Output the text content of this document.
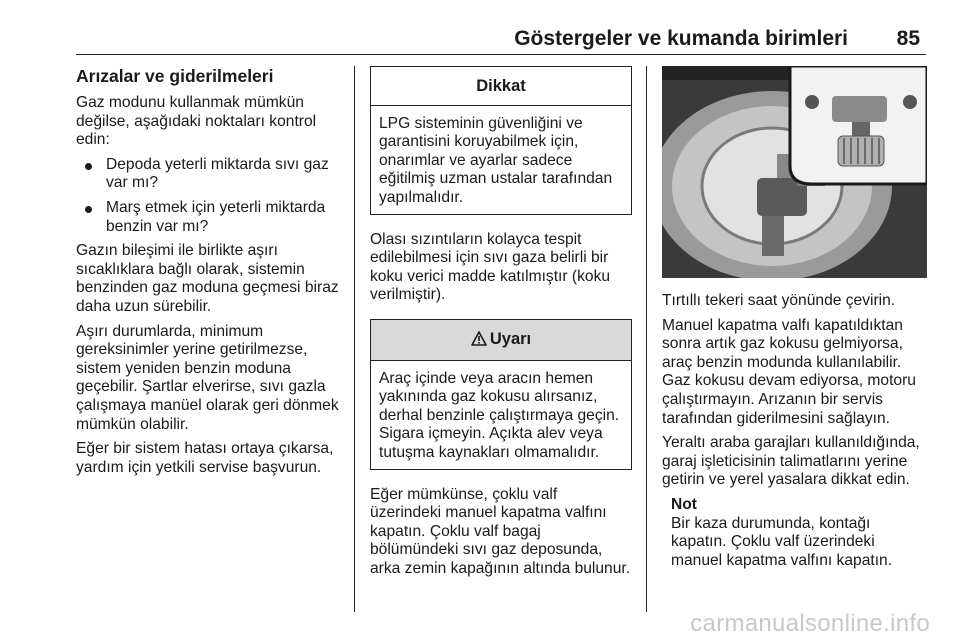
Göstergeler ve kumanda birimleri 85
Arızalar ve giderilmeleri

Gaz modunu kullanmak mümkün değilse, aşağıdaki noktaları kontrol edin:

Depoda yeterli miktarda sıvı gaz var mı?
Marş etmek için yeterli miktarda benzin var mı?

Gazın bileşimi ile birlikte aşırı sıcaklıklara bağlı olarak, sistemin benzinden gaz moduna geçmesi biraz daha uzun sürebilir.

Aşırı durumlarda, minimum gereksinimler yerine getirilmezse, sistem yeniden benzin moduna geçebilir. Şartlar elverirse, sıvı gazla çalışmaya manüel olarak geri dönmek mümkün olabilir.

Eğer bir sistem hatası ortaya çıkarsa, yardım için yetkili servise başvurun.

Dikkat
LPG sisteminin güvenliğini ve garantisini koruyabilmek için, onarımlar ve ayarlar sadece eğitilmiş uzman ustalar tarafından yapılmalıdır.

Olası sızıntıların kolayca tespit edilebilmesi için sıvı gaza belirli bir koku verici madde katılmıştır (koku verilmiştir).

Uyarı
Araç içinde veya aracın hemen yakınında gaz kokusu alırsanız, derhal benzinle çalıştırmaya geçin. Sigara içmeyin. Açıkta alev veya tutuşma kaynakları olmamalıdır.

Eğer mümkünse, çoklu valf üzerindeki manuel kapatma valfını kapatın. Çoklu valf bagaj bölümündeki sıvı gaz deposunda, arka zemin kapağının altında bulunur.

Tırtıllı tekeri saat yönünde çevirin.

Manuel kapatma valfı kapatıldıktan sonra artık gaz kokusu gelmiyorsa, araç benzin modunda kullanılabilir. Gaz kokusu devam ediyorsa, motoru çalıştırmayın. Arızanın bir servis tarafından giderilmesini sağlayın.

Yeraltı araba garajları kullanıldığında, garaj işleticisinin talimatlarını yerine getirin ve yerel yasalara dikkat edin.

Not
Bir kaza durumunda, kontağı kapatın. Çoklu valf üzerindeki manuel kapatma valfını kapatın.
carmanualsonline.info
